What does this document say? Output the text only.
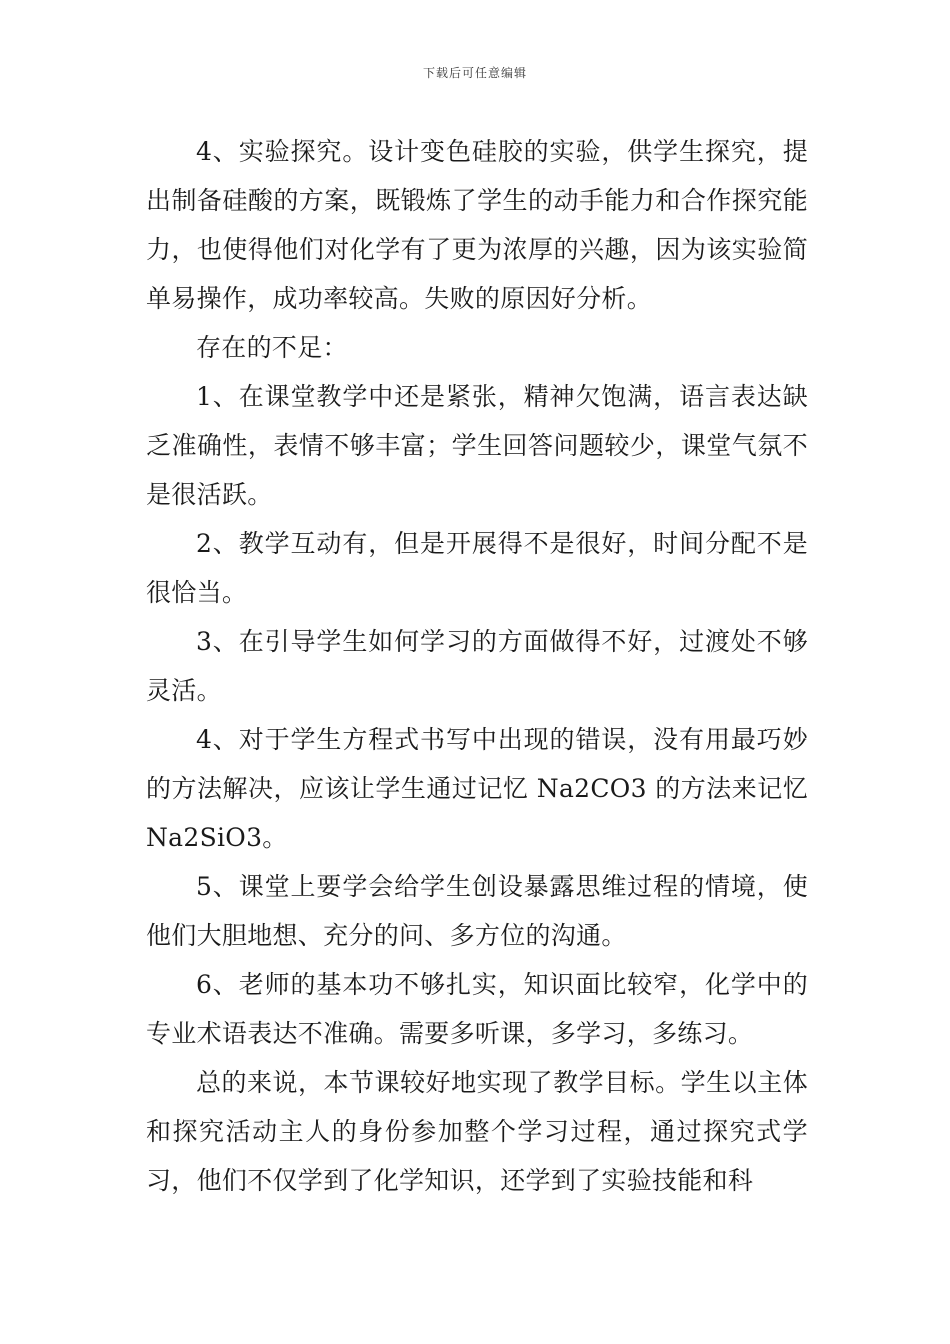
下载后可任意编辑

4、实验探究。设计变色硅胶的实验，供学生探究，提出制备硅酸的方案，既锻炼了学生的动手能力和合作探究能力，也使得他们对化学有了更为浓厚的兴趣，因为该实验简单易操作，成功率较高。失败的原因好分析。

存在的不足：

1、在课堂教学中还是紧张，精神欠饱满，语言表达缺乏准确性，表情不够丰富；学生回答问题较少，课堂气氛不是很活跃。

2、教学互动有，但是开展得不是很好，时间分配不是很恰当。

3、在引导学生如何学习的方面做得不好，过渡处不够灵活。

4、对于学生方程式书写中出现的错误，没有用最巧妙的方法解决，应该让学生通过记忆 Na2CO3 的方法来记忆 Na2SiO3。

5、课堂上要学会给学生创设暴露思维过程的情境，使他们大胆地想、充分的问、多方位的沟通。

6、老师的基本功不够扎实，知识面比较窄，化学中的专业术语表达不准确。需要多听课，多学习，多练习。

总的来说，本节课较好地实现了教学目标。学生以主体和探究活动主人的身份参加整个学习过程，通过探究式学习，他们不仅学到了化学知识，还学到了实验技能和科
